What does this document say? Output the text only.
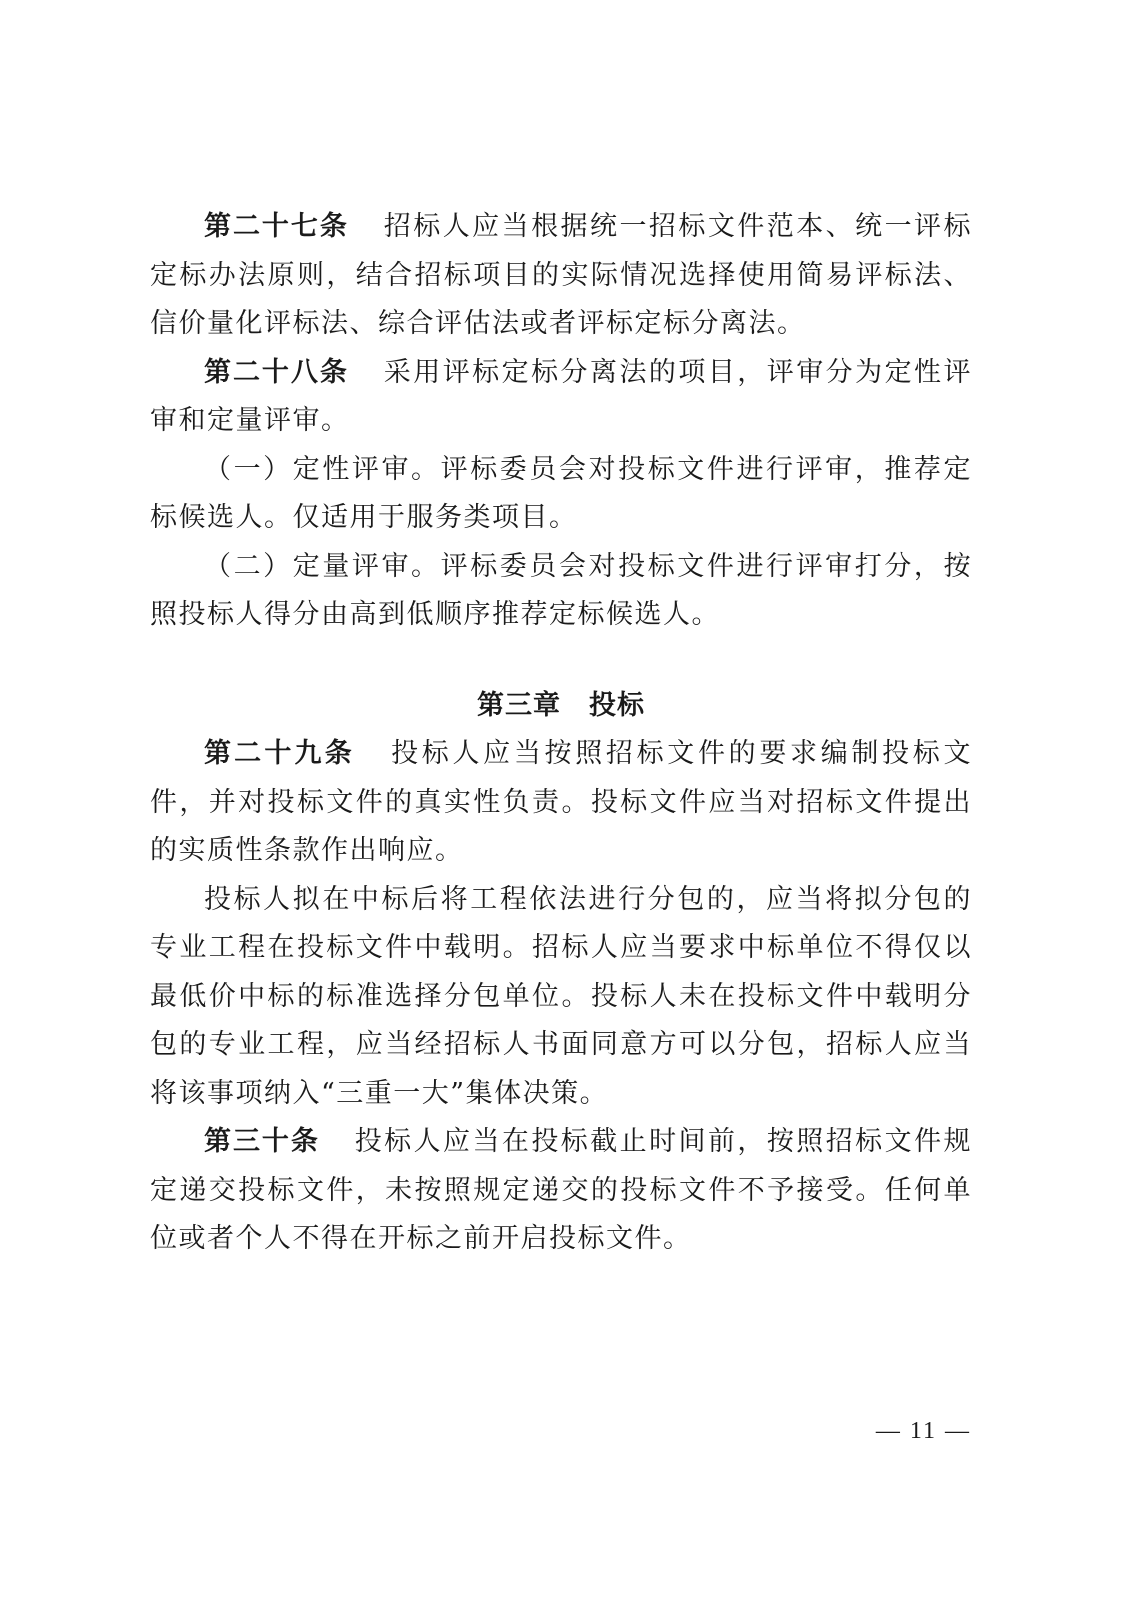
第二十七条 招标人应当根据统一招标文件范本、统一评标定标办法原则，结合招标项目的实际情况选择使用简易评标法、信价量化评标法、综合评估法或者评标定标分离法。

第二十八条 采用评标定标分离法的项目，评审分为定性评审和定量评审。

（一）定性评审。评标委员会对投标文件进行评审，推荐定标候选人。仅适用于服务类项目。

（二）定量评审。评标委员会对投标文件进行评审打分，按照投标人得分由高到低顺序推荐定标候选人。

第三章　投标

第二十九条 投标人应当按照招标文件的要求编制投标文件，并对投标文件的真实性负责。投标文件应当对招标文件提出的实质性条款作出响应。

投标人拟在中标后将工程依法进行分包的，应当将拟分包的专业工程在投标文件中载明。招标人应当要求中标单位不得仅以最低价中标的标准选择分包单位。投标人未在投标文件中载明分包的专业工程，应当经招标人书面同意方可以分包，招标人应当将该事项纳入“三重一大”集体决策。

第三十条 投标人应当在投标截止时间前，按照招标文件规定递交投标文件，未按照规定递交的投标文件不予接受。任何单位或者个人不得在开标之前开启投标文件。

— 11 —
